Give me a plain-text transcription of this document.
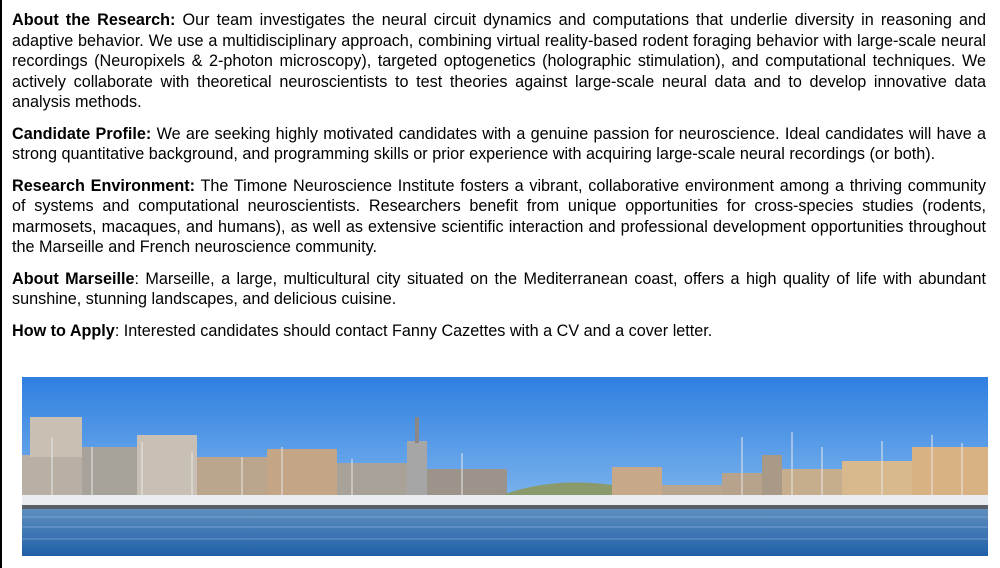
About the Research: Our team investigates the neural circuit dynamics and computations that underlie diversity in reasoning and adaptive behavior. We use a multidisciplinary approach, combining virtual reality-based rodent foraging behavior with large-scale neural recordings (Neuropixels & 2-photon microscopy), targeted optogenetics (holographic stimulation), and computational techniques. We actively collaborate with theoretical neuroscientists to test theories against large-scale neural data and to develop innovative data analysis methods.

Candidate Profile: We are seeking highly motivated candidates with a genuine passion for neuroscience. Ideal candidates will have a strong quantitative background, and programming skills or prior experience with acquiring large-scale neural recordings (or both).

Research Environment: The Timone Neuroscience Institute fosters a vibrant, collaborative environment among a thriving community of systems and computational neuroscientists. Researchers benefit from unique opportunities for cross-species studies (rodents, marmosets, macaques, and humans), as well as extensive scientific interaction and professional development opportunities throughout the Marseille and French neuroscience community.

About Marseille: Marseille, a large, multicultural city situated on the Mediterranean coast, offers a high quality of life with abundant sunshine, stunning landscapes, and delicious cuisine.

How to Apply: Interested candidates should contact Fanny Cazettes with a CV and a cover letter.
